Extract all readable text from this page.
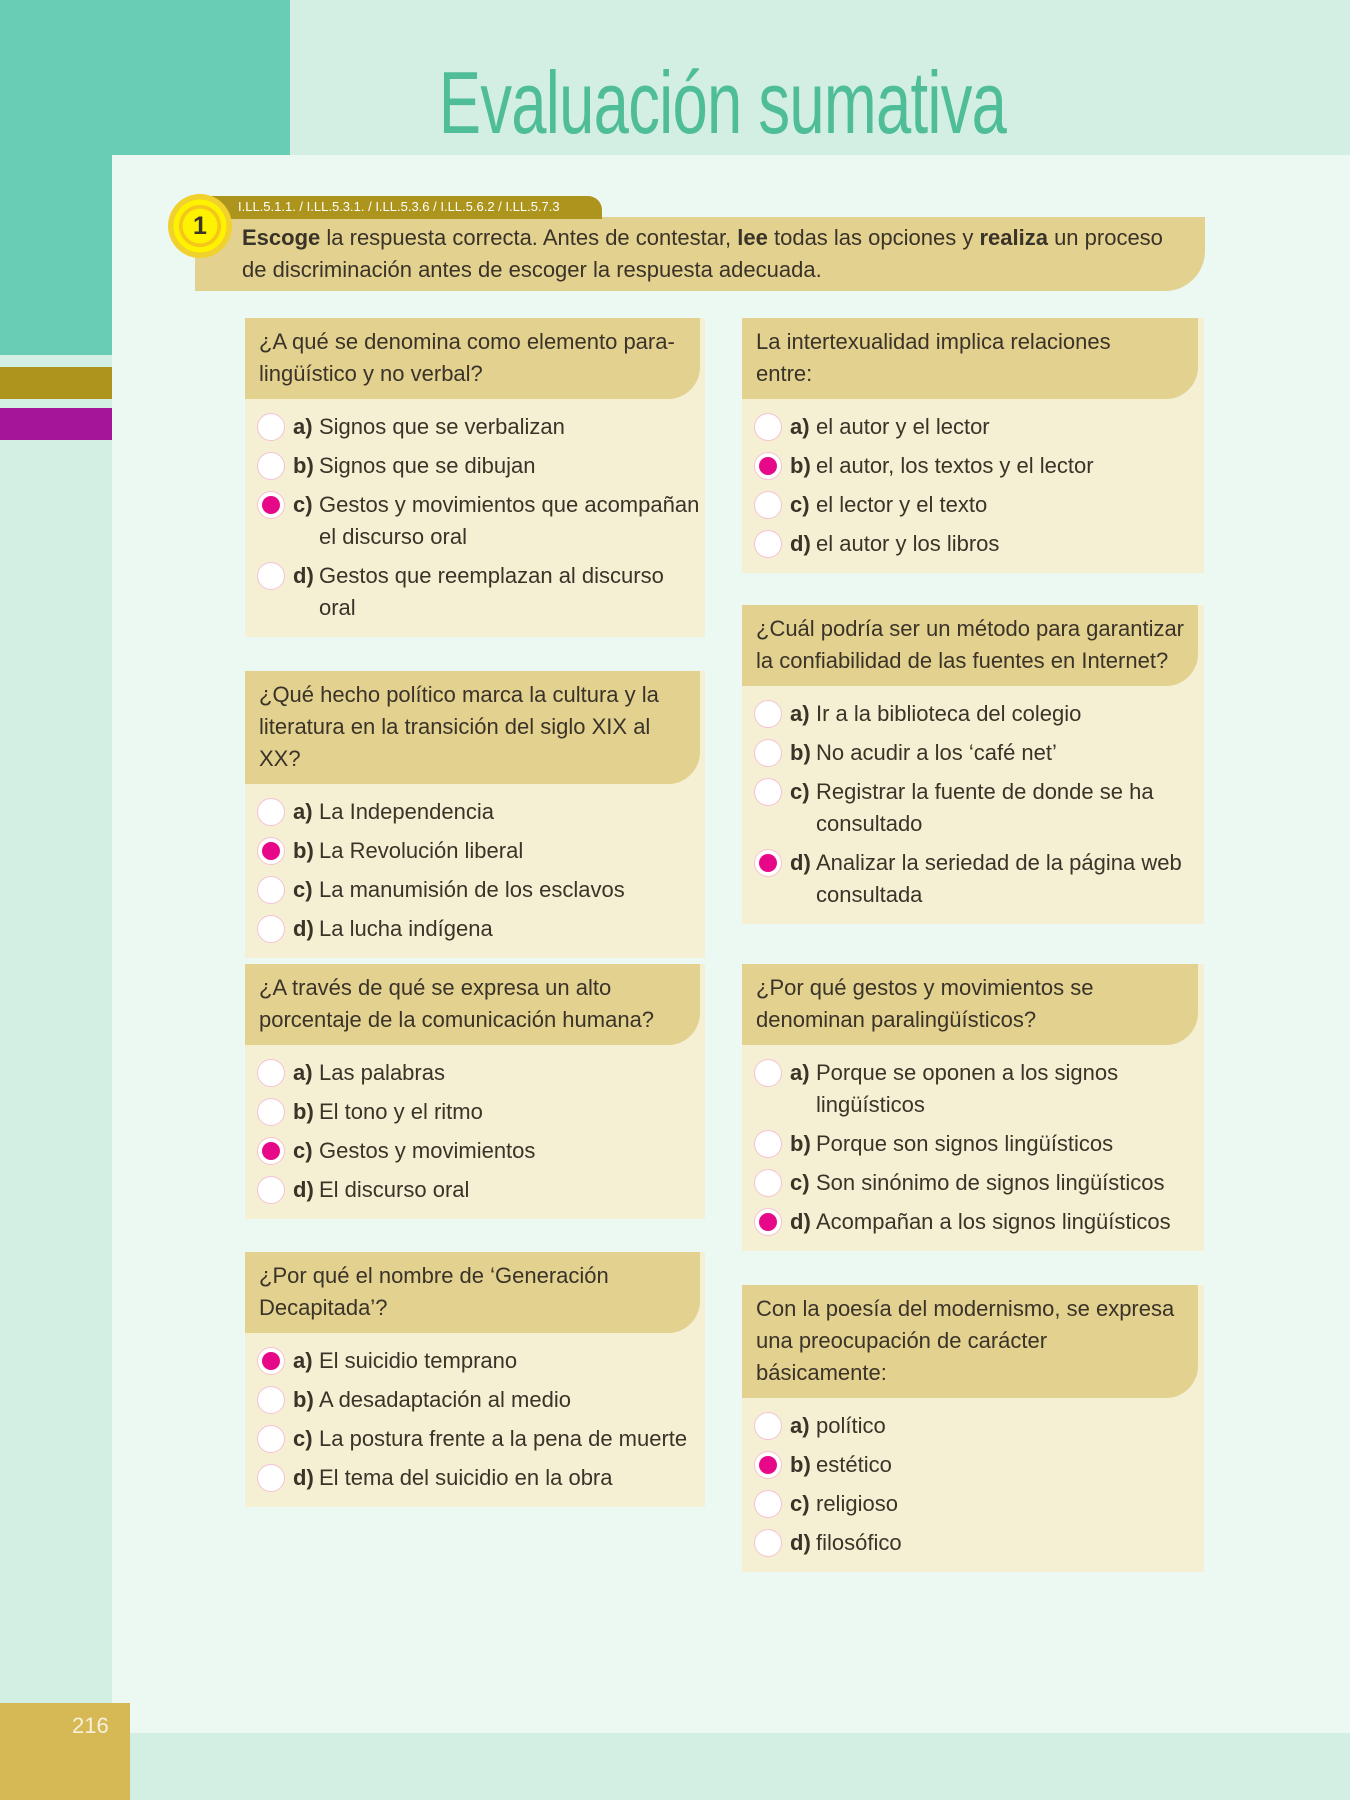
Evaluación sumativa
1
I.LL.5.1.1. / I.LL.5.3.1. / I.LL.5.3.6 / I.LL.5.6.2 / I.LL.5.7.3
Escoge la respuesta correcta. Antes de contestar, lee todas las opciones y realiza un proceso de discriminación antes de escoger la respuesta adecuada.
¿A qué se denomina como elemento para-
lingüístico y no verbal?
a) Signos que se verbalizan
b) Signos que se dibujan
c) Gestos y movimientos que acompañan el discurso oral
d) Gestos que reemplazan al discurso oral
¿Qué hecho político marca la cultura y la
literatura en la transición del siglo XIX al XX?
a) La Independencia
b) La Revolución liberal
c) La manumisión de los esclavos
d) La lucha indígena
¿A través de qué se expresa un alto
porcentaje de la comunicación humana?
a) Las palabras
b) El tono y el ritmo
c) Gestos y movimientos
d) El discurso oral
¿Por qué el nombre de ‘Generación
Decapitada’?
a) El suicidio temprano
b) A desadaptación al medio
c) La postura frente a la pena de muerte
d) El tema del suicidio en la obra
La intertexualidad implica relaciones
entre:
a) el autor y el lector
b) el autor, los textos y el lector
c) el lector y el texto
d) el autor y los libros
¿Cuál podría ser un método para garantizar
la confiabilidad de las fuentes en Internet?
a) Ir a la biblioteca del colegio
b) No acudir a los ‘café net’
c) Registrar la fuente de donde se ha consultado
d) Analizar la seriedad de la página web consultada
¿Por qué gestos y movimientos se
denominan paralingüísticos?
a) Porque se oponen a los signos lingüísticos
b) Porque son signos lingüísticos
c) Son sinónimo de signos lingüísticos
d) Acompañan a los signos lingüísticos
Con la poesía del modernismo, se expresa
una preocupación de carácter
básicamente:
a) político
b) estético
c) religioso
d) filosófico
216
